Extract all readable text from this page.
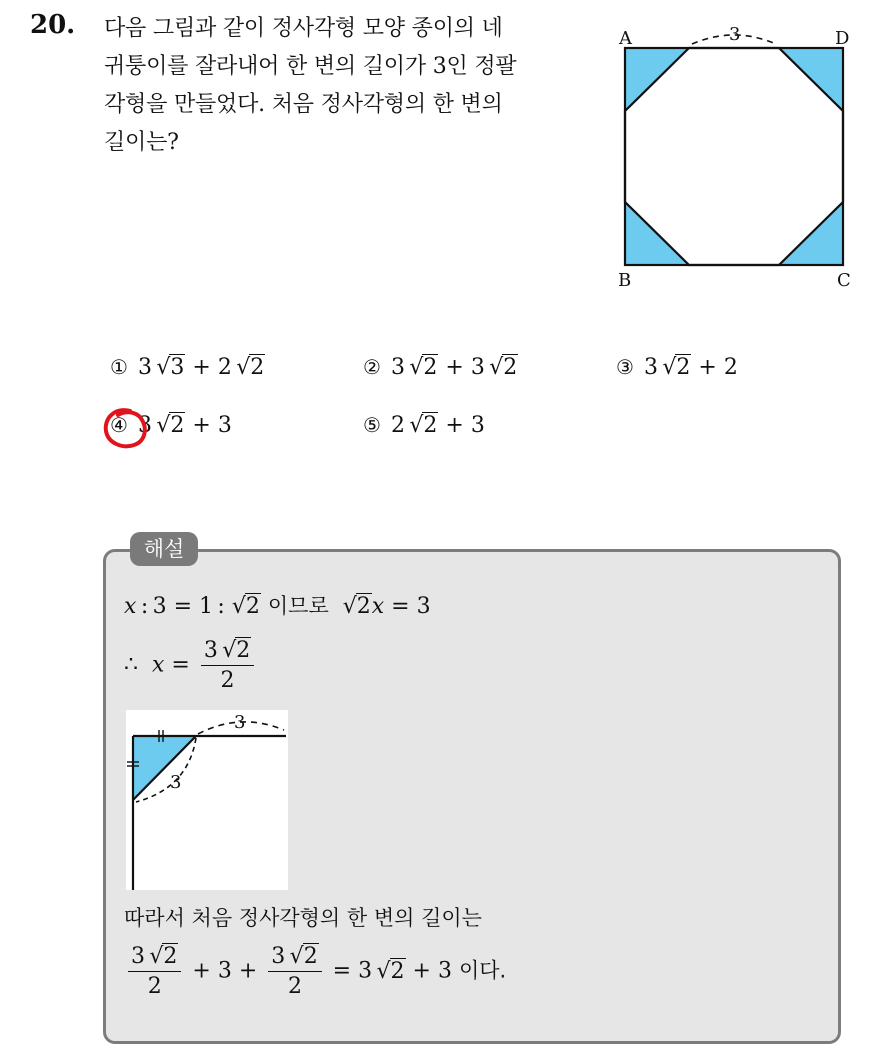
20. 다음 그림과 같이 정사각형 모양 종이의 네
귀퉁이를 잘라내어 한 변의 길이가 3인 정팔
각형을 만들었다. 처음 정사각형의 한 변의
길이는?
3
A	D
B	C
① 3  √3 + 2  √2	② 3  √2 + 3  √2	③ 3  √2 + 2
④ 3  √2 + 3	⑤ 2  √2 + 3
해설
x : 3 = 1 : √2 이므로 √2x = 3
∴  $x = \frac{3 √2}{2}$
3
3
따라서 처음 정사각형의 한 변의 길이는
$\frac{3 √2}{2} + 3 + \frac{3 √2}{2} = 3$ √2 + 3 이다.
